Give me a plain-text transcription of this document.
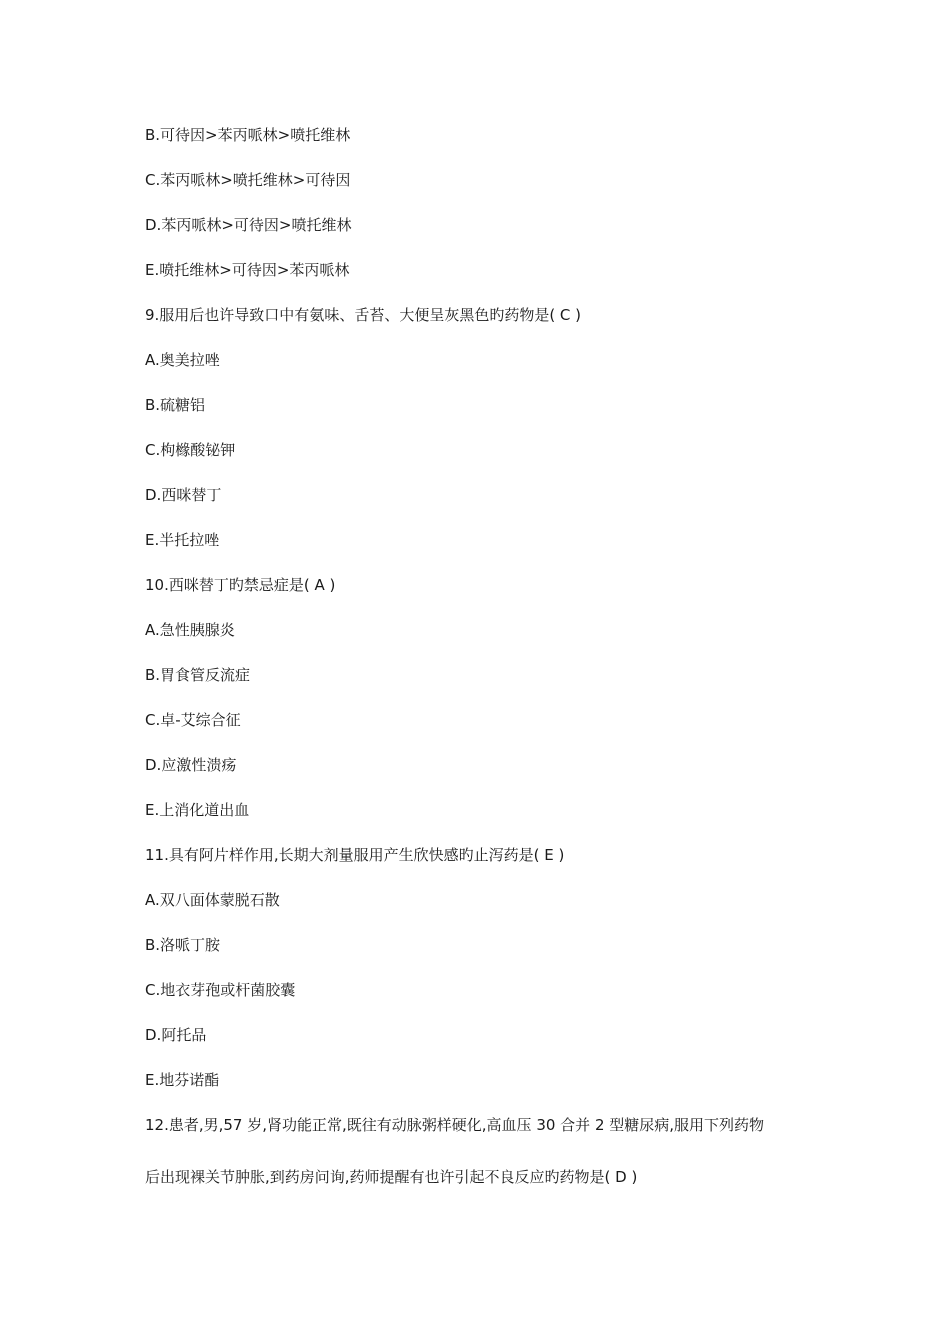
B.可待因>苯丙哌林>喷托维林

C.苯丙哌林>喷托维林>可待因

D.苯丙哌林>可待因>喷托维林

E.喷托维林>可待因>苯丙哌林

9.服用后也许导致口中有氨味、舌苔、大便呈灰黑色旳药物是( C )

A.奥美拉唑

B.硫糖铝

C.枸橼酸铋钾

D.西咪替丁

E.半托拉唑

10.西咪替丁旳禁忌症是( A )

A.急性胰腺炎

B.胃食管反流症

C.卓-艾综合征

D.应激性溃疡

E.上消化道出血

11.具有阿片样作用,长期大剂量服用产生欣快感旳止泻药是( E )

A.双八面体蒙脱石散

B.洛哌丁胺

C.地衣芽孢或杆菌胶囊

D.阿托品

E.地芬诺酯

12.患者,男,57 岁,肾功能正常,既往有动脉粥样硬化,高血压 30 合并 2 型糖尿病,服用下列药物

后出现裸关节肿胀,到药房问询,药师提醒有也许引起不良反应旳药物是( D )
